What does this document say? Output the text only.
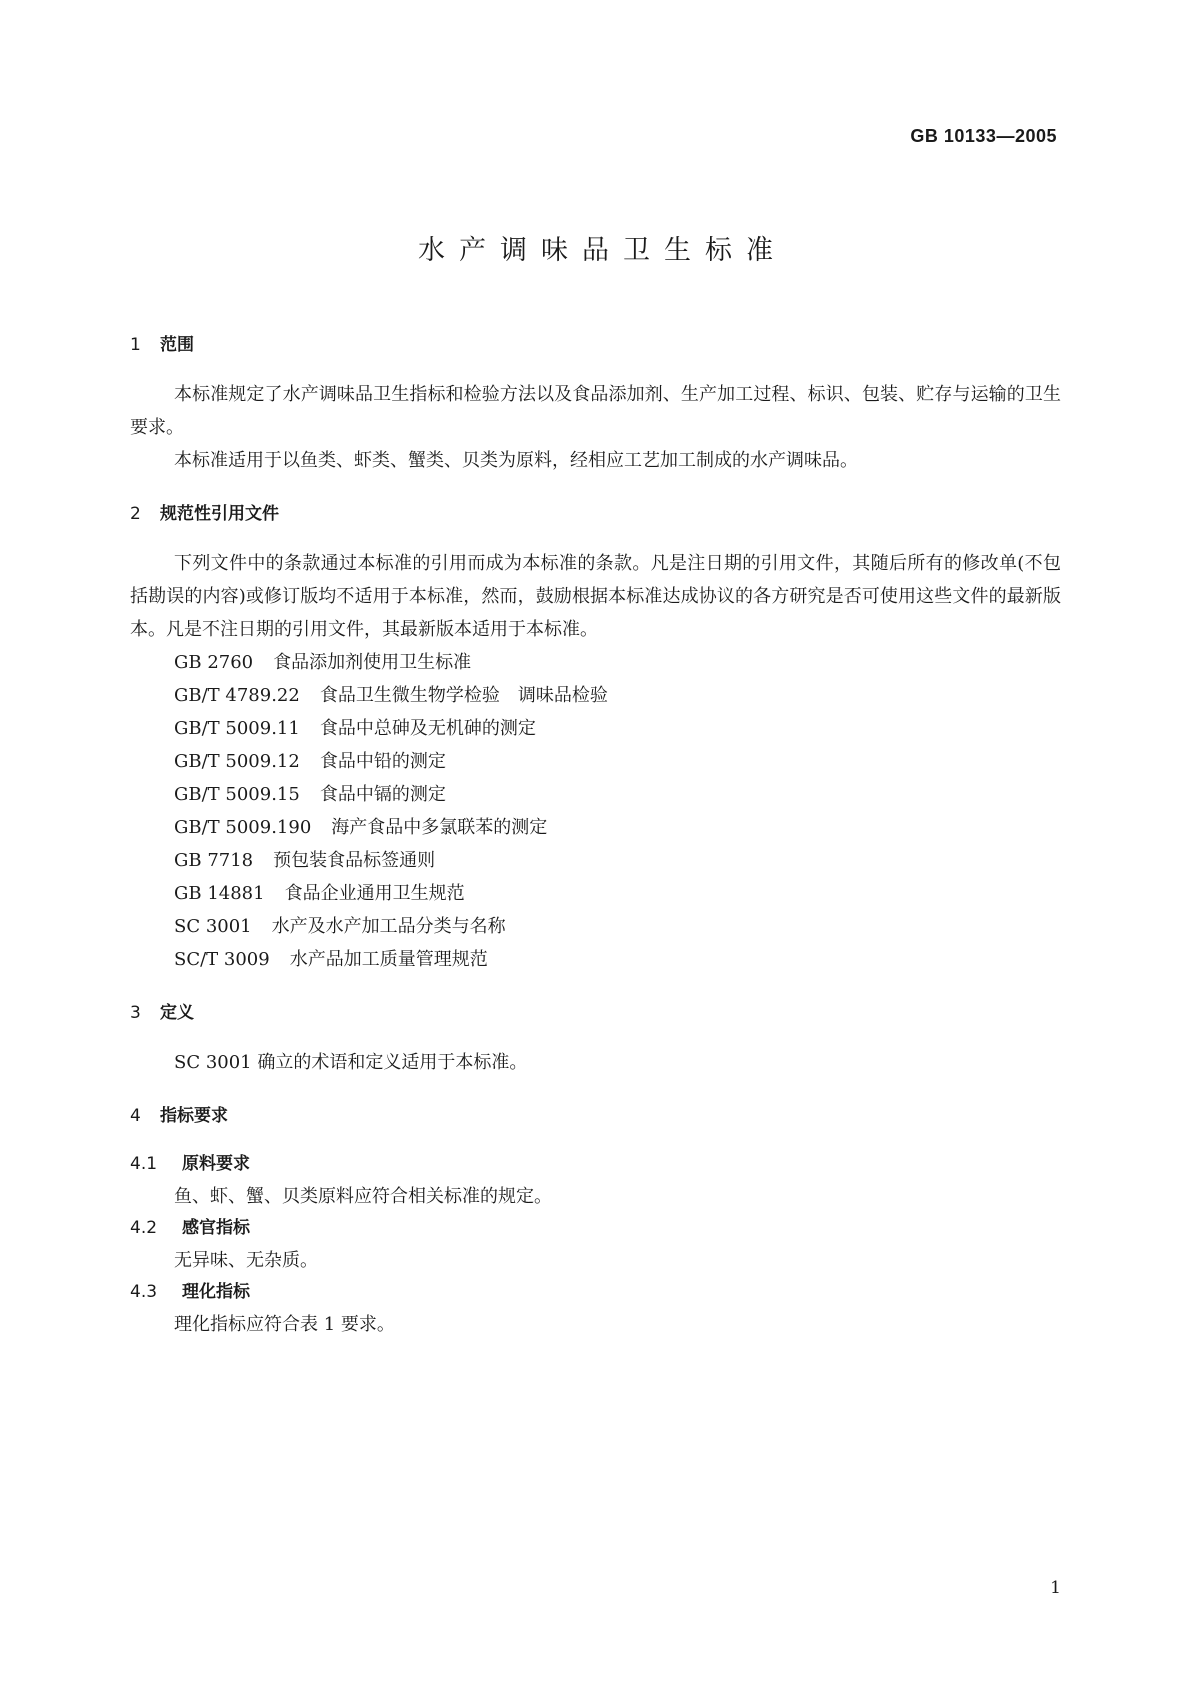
GB 10133—2005
水产调味品卫生标准
1 范围

本标准规定了水产调味品卫生指标和检验方法以及食品添加剂、生产加工过程、标识、包装、贮存与运输的卫生要求。

本标准适用于以鱼类、虾类、蟹类、贝类为原料，经相应工艺加工制成的水产调味品。

2 规范性引用文件

下列文件中的条款通过本标准的引用而成为本标准的条款。凡是注日期的引用文件，其随后所有的修改单(不包括勘误的内容)或修订版均不适用于本标准，然而，鼓励根据本标准达成协议的各方研究是否可使用这些文件的最新版本。凡是不注日期的引用文件，其最新版本适用于本标准。

GB 2760 食品添加剂使用卫生标准
GB/T 4789.22 食品卫生微生物学检验　调味品检验
GB/T 5009.11 食品中总砷及无机砷的测定
GB/T 5009.12 食品中铅的测定
GB/T 5009.15 食品中镉的测定
GB/T 5009.190 海产食品中多氯联苯的测定
GB 7718 预包装食品标签通则
GB 14881 食品企业通用卫生规范
SC 3001 水产及水产加工品分类与名称
SC/T 3009 水产品加工质量管理规范
3 定义

SC 3001 确立的术语和定义适用于本标准。

4 指标要求
4.1 原料要求

鱼、虾、蟹、贝类原料应符合相关标准的规定。

4.2 感官指标

无异味、无杂质。

4.3 理化指标

理化指标应符合表 1 要求。

1
